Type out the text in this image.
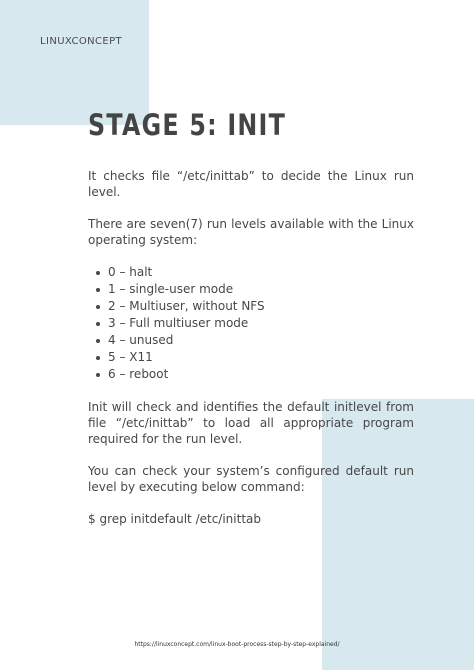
LINUXCONCEPT

STAGE 5: INIT

It checks file “/etc/inittab” to decide the Linux run level.

There are seven(7) run levels available with the Linux operating system:

0 – halt
1 – single-user mode
2 – Multiuser, without NFS
3 – Full multiuser mode
4 – unused
5 – X11
6 – reboot

Init will check and identifies the default initlevel from file “/etc/inittab” to load all appropriate program required for the run level.

You can check your system’s configured default run level by executing below command:

$ grep initdefault /etc/inittab

https://linuxconcept.com/linux-boot-process-step-by-step-explained/
